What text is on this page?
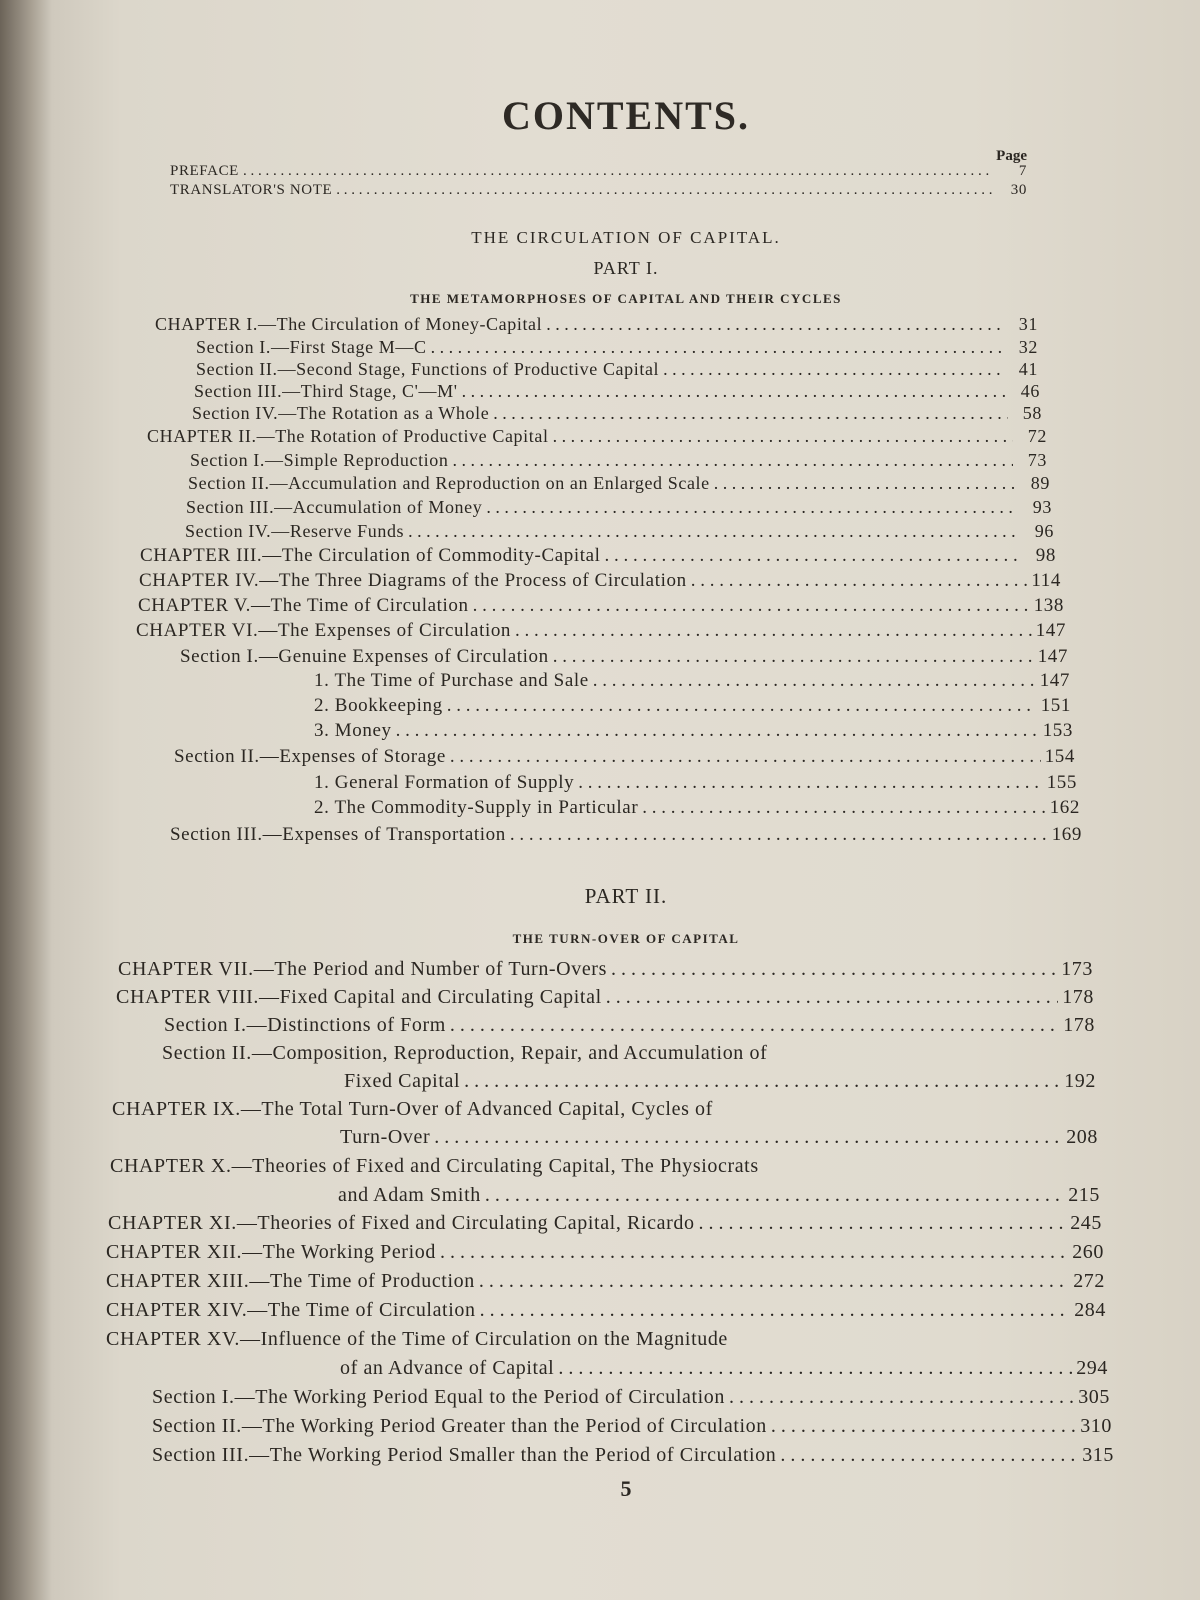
CONTENTS.
Page
PREFACE . . .	7
TRANSLATOR'S NOTE . . .	30
THE CIRCULATION OF CAPITAL.
PART I.
THE METAMORPHOSES OF CAPITAL AND THEIR CYCLES
CHAPTER I.—The Circulation of Money-Capital . . .	31
Section I.—First Stage M—C . . .	32
Section II.—Second Stage, Functions of Productive Capital . . .	41
Section III.—Third Stage, C'—M' . . .	46
Section IV.—The Rotation as a Whole . . .	58
CHAPTER II.—The Rotation of Productive Capital . . .	72
Section I.—Simple Reproduction . . .	73
Section II.—Accumulation and Reproduction on an Enlarged Scale . . .	89
Section III.—Accumulation of Money . . .	93
Section IV.—Reserve Funds . . .	96
CHAPTER III.—The Circulation of Commodity-Capital . . .	98
CHAPTER IV.—The Three Diagrams of the Process of Circulation . . .	114
CHAPTER V.—The Time of Circulation . . .	138
CHAPTER VI.—The Expenses of Circulation . . .	147
Section I.—Genuine Expenses of Circulation . . .	147
1. The Time of Purchase and Sale . . .	147
2. Bookkeeping . . .	151
3. Money . . .	153
Section II.—Expenses of Storage . . .	154
1. General Formation of Supply . . .	155
2. The Commodity-Supply in Particular . . .	162
Section III.—Expenses of Transportation . . .	169
PART II.
THE TURN-OVER OF CAPITAL
CHAPTER VII.—The Period and Number of Turn-Overs . . .	173
CHAPTER VIII.—Fixed Capital and Circulating Capital . . .	178
Section I.—Distinctions of Form . . .	178
Section II.—Composition, Reproduction, Repair, and Accumulation of
Fixed Capital . . .	192
CHAPTER IX.—The Total Turn-Over of Advanced Capital, Cycles of
Turn-Over . . .	208
CHAPTER X.—Theories of Fixed and Circulating Capital, The Physiocrats
and Adam Smith . . .	215
CHAPTER XI.—Theories of Fixed and Circulating Capital, Ricardo . . .	245
CHAPTER XII.—The Working Period . . .	260
CHAPTER XIII.—The Time of Production . . .	272
CHAPTER XIV.—The Time of Circulation . . .	284
CHAPTER XV.—Influence of the Time of Circulation on the Magnitude
of an Advance of Capital . . .	294
Section I.—The Working Period Equal to the Period of Circulation . . .	305
Section II.—The Working Period Greater than the Period of Circulation . . .	310
Section III.—The Working Period Smaller than the Period of Circulation . . .	315
5
